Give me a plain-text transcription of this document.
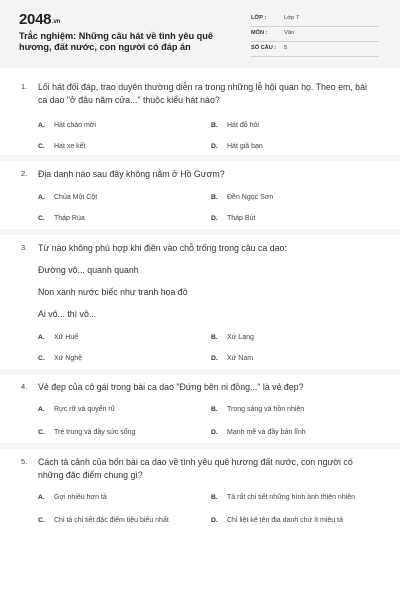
2048.vn
Trắc nghiệm: Những câu hát về tình yêu quê hương, đất nước, con người có đáp án
LỚP :	Lớp 7
MÔN :	Văn
SỐ CÂU : 5
1. Lối hát đối đáp, trao duyên thường diễn ra trong những lễ hội quan họ. Theo em, bài ca dao "ở đâu năm cửa..." thuộc kiểu hát nào?
A. Hát chào mời	B. Hát đố hỏi
C. Hát xe kết	D. Hát giã bạn
2. Địa danh nào sau đây không nằm ở Hồ Gươm?
A. Chùa Một Cột	B. Đền Ngọc Sơn
C. Tháp Rùa	D. Tháp Bút
3. Từ nào không phù hợp khi điền vào chỗ trống trong câu ca dao:
Đường vô... quanh quanh
Non xanh nước biếc như tranh họa đồ
Ai vô... thì vô...
A. Xứ Huế	B. Xứ Lạng
C. Xứ Nghệ	D. Xứ Nam
4. Vẻ đẹp của cô gái trong bài ca dao "Đứng bên ni đồng..." là vẻ đẹp?
A. Rực rỡ và quyến rũ	B. Trong sáng và hồn nhiên
C. Trẻ trung và đầy sức sống	D. Mạnh mẽ và đầy bản lĩnh
5. Cách tả cảnh của bốn bài ca dao về tình yêu quê hương đất nước, con người có những đặc điểm chung gì?
A. Gợi nhiều hơn tả	B. Tả rất chi tiết những hình ảnh thiên nhiên
C. Chỉ tả chi tiết đặc điểm tiêu biểu nhất	D. Chỉ liệt kê tên địa danh chứ ít miêu tả
